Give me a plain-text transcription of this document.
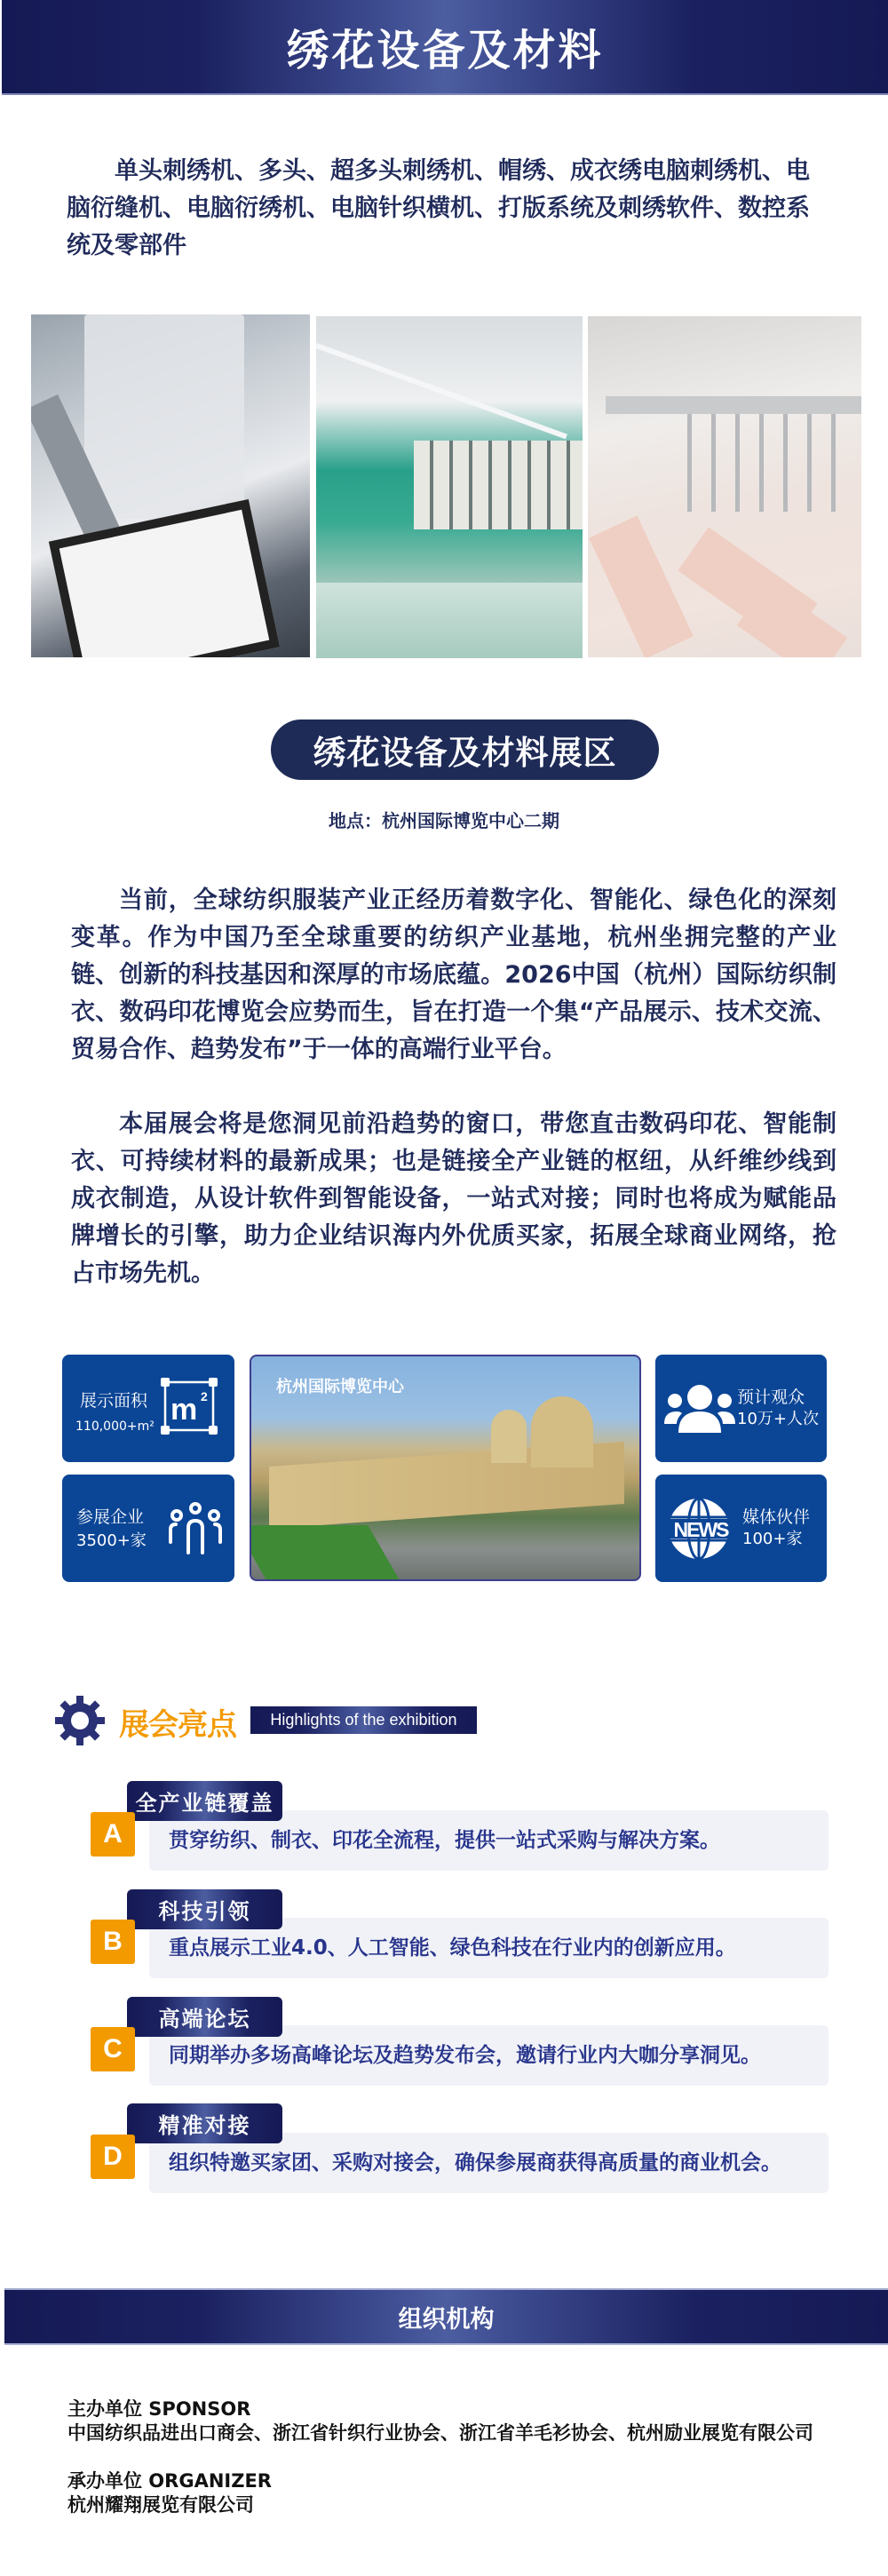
绣花设备及材料
单头刺绣机、多头、超多头刺绣机、帽绣、成衣绣电脑刺绣机、电脑衍缝机、电脑衍绣机、电脑针织横机、打版系统及刺绣软件、数控系统及零部件
绣花设备及材料展区
地点：杭州国际博览中心二期
当前，全球纺织服装产业正经历着数字化、智能化、绿色化的深刻变革。作为中国乃至全球重要的纺织产业基地，杭州坐拥完整的产业链、创新的科技基因和深厚的市场底蕴。2026中国（杭州）国际纺织制衣、数码印花博览会应势而生，旨在打造一个集“产品展示、技术交流、贸易合作、趋势发布”于一体的高端行业平台。
本届展会将是您洞见前沿趋势的窗口，带您直击数码印花、智能制衣、可持续材料的最新成果；也是链接全产业链的枢纽，从纤维纱线到成衣制造，从设计软件到智能设备，一站式对接；同时也将成为赋能品牌增长的引擎，助力企业结识海内外优质买家，拓展全球商业网络，抢占市场先机。
展示面积
110,000+m² m 2
参展企业
3500+家
杭州国际博览中心
预计观众
10万+人次
NEWS
媒体伙伴
100+家
展会亮点 Highlights of the exhibition
贯穿纺织、制衣、印花全流程，提供一站式采购与解决方案。
全产业链覆盖
A
重点展示工业4.0、人工智能、绿色科技在行业内的创新应用。
科技引领
B
同期举办多场高峰论坛及趋势发布会，邀请行业内大咖分享洞见。
高端论坛
C
组织特邀买家团、采购对接会，确保参展商获得高质量的商业机会。
精准对接
D
组织机构
主办单位 SPONSOR
中国纺织品进出口商会、浙江省针织行业协会、浙江省羊毛衫协会、杭州励业展览有限公司
承办单位 ORGANIZER
杭州耀翔展览有限公司
